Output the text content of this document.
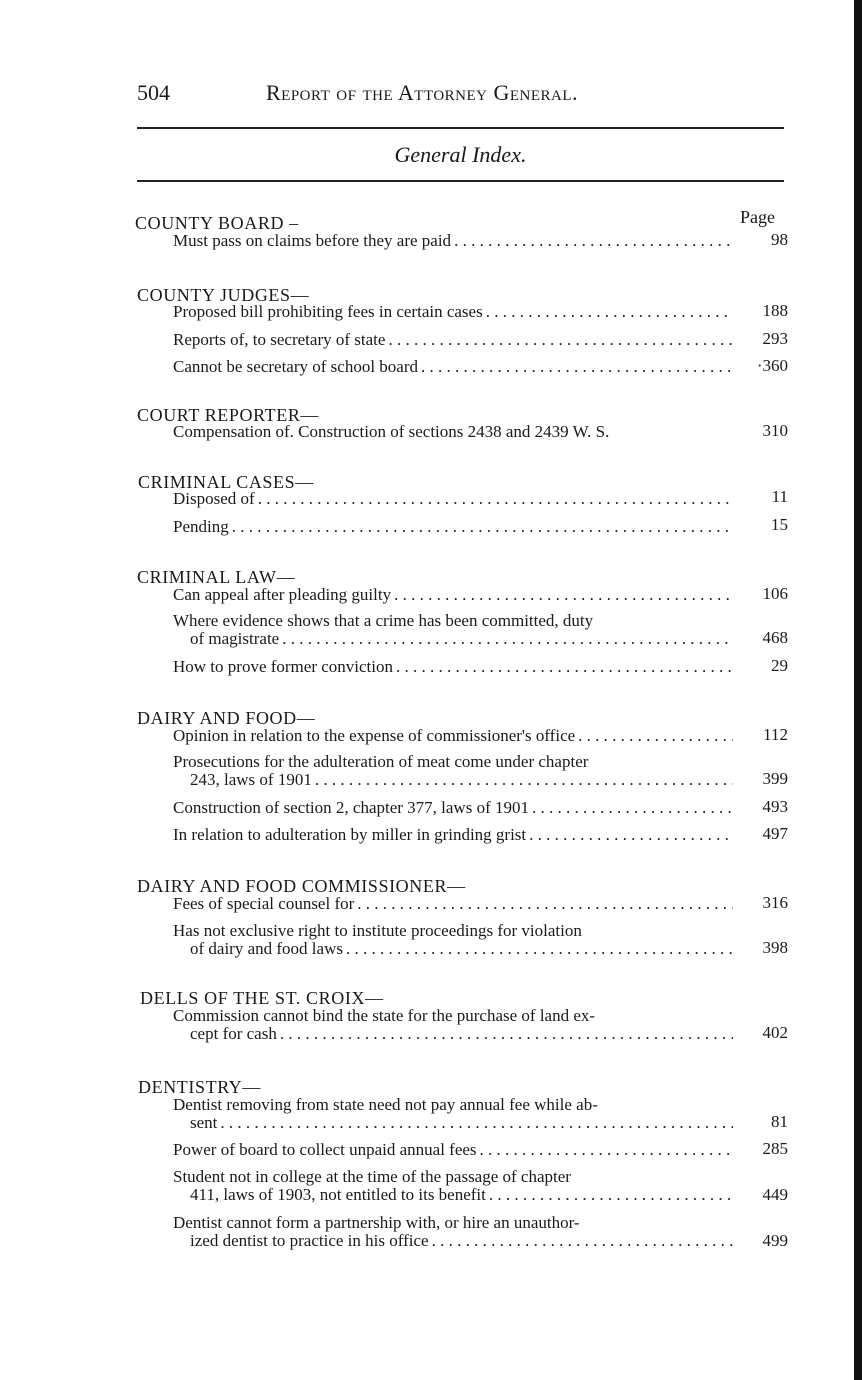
504	Report of the Attorney General.
General Index.
Page
COUNTY BOARD –
Must pass on claims before they are paid . . .	98
COUNTY JUDGES—
Proposed bill prohibiting fees in certain cases . . .	188
Reports of, to secretary of state . . .	293
Cannot be secretary of school board . . .	·360
COURT REPORTER—
Compensation of. Construction of sections 2438 and 2439 W. S.	310
CRIMINAL CASES—
Disposed of . . .	11
Pending . . .	15
CRIMINAL LAW—
Can appeal after pleading guilty . . .	106
Where evidence shows that a crime has been committed, duty
of magistrate . . .	468
How to prove former conviction . . .	29
DAIRY AND FOOD—
Opinion in relation to the expense of commissioner's office . . .	112
Prosecutions for the adulteration of meat come under chapter
243, laws of 1901 . . .	399
Construction of section 2, chapter 377, laws of 1901 . . .	493
In relation to adulteration by miller in grinding grist . . .	497
DAIRY AND FOOD COMMISSIONER—
Fees of special counsel for . . .	316
Has not exclusive right to institute proceedings for violation
of dairy and food laws . . .	398
DELLS OF THE ST. CROIX—
Commission cannot bind the state for the purchase of land ex-
cept for cash . . .	402
DENTISTRY—
Dentist removing from state need not pay annual fee while ab-
sent . . .	81
Power of board to collect unpaid annual fees . . .	285
Student not in college at the time of the passage of chapter
411, laws of 1903, not entitled to its benefit . . .	449
Dentist cannot form a partnership with, or hire an unauthor-
ized dentist to practice in his office . . .	499
